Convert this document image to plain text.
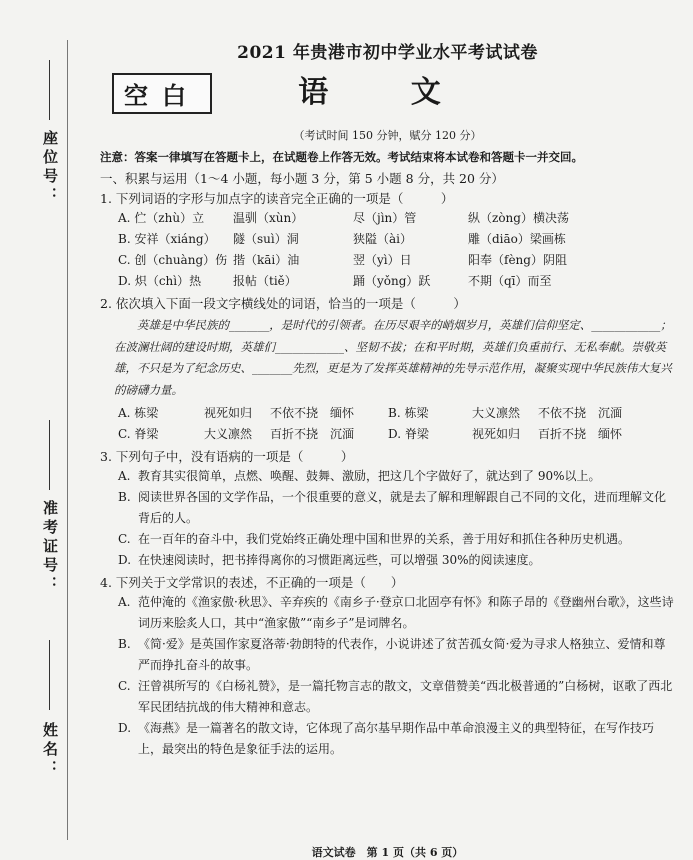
座位号：
准考证号：
姓名：
2021 年贵港市初中学业水平考试试卷
空白	语 文
（考试时间 150 分钟，赋分 120 分）
注意：答案一律填写在答题卡上，在试题卷上作答无效。考试结束将本试卷和答题卡一并交回。
一、积累与运用（1～4 小题，每小题 3 分，第 5 小题 8 分，共 20 分）
1. 下列词语的字形与加点字的读音完全正确的一项是（　　　）
A. 伫（zhù）立	温驯（xùn）	尽（jìn）管	纵（zòng）横决荡
B. 安祥（xiáng）	隧（suì）洞	狭隘（ài）	雕（diāo）梁画栋
C. 创（chuàng）伤 揩（kāi）油	翌（yì）日	阳奉（fèng）阴阻
D. 炽（chì）热	报帖（tiě）	踊（yǒng）跃	不期（qī）而至
2. 依次填入下面一段文字横线处的词语，恰当的一项是（　　　）
英雄是中华民族的_______，是时代的引领者。在历尽艰辛的峭烟岁月，英雄们信仰坚定、____________；在波澜壮阔的建设时期，英雄们____________、坚韧不拔；在和平时期，英雄们负重前行、无私奉献。崇敬英雄，不只是为了纪念历史、_______先烈，更是为了发挥英雄精神的先导示范作用，凝聚实现中华民族伟大复兴的磅礴力量。
A. 栋梁	视死如归	不依不挠 缅怀	B. 栋梁	大义凛然	不依不挠 沉湎
C. 脊梁	大义凛然	百折不挠 沉湎	D. 脊梁	视死如归	百折不挠 缅怀
3. 下列句子中，没有语病的一项是（　　　）
A. 教育其实很简单，点燃、唤醒、鼓舞、激励，把这几个字做好了，就达到了 90%以上。
B. 阅读世界各国的文学作品，一个很重要的意义，就是去了解和理解跟自己不同的文化，进而理解文化背后的人。
C. 在一百年的奋斗中，我们党始终正确处理中国和世界的关系，善于用好和抓住各种历史机遇。
D. 在快速阅读时，把书捧得离你的习惯距离远些，可以增强 30%的阅读速度。
4. 下列关于文学常识的表述，不正确的一项是（　　）
A. 范仲淹的《渔家傲·秋思》、辛弃疾的《南乡子·登京口北固亭有怀》和陈子昂的《登幽州台歌》，这些诗词历来脍炙人口，其中“渔家傲”“南乡子”是词牌名。
B. 《简·爱》是英国作家夏洛蒂·勃朗特的代表作，小说讲述了贫苦孤女简·爱为寻求人格独立、爱情和尊严而挣扎奋斗的故事。
C. 汪曾祺所写的《白杨礼赞》，是一篇托物言志的散文，文章借赞美“西北极普通的”白杨树，讴歌了西北军民团结抗战的伟大精神和意志。
D. 《海燕》是一篇著名的散文诗，它体现了高尔基早期作品中革命浪漫主义的典型特征，在写作技巧上，最突出的特色是象征手法的运用。
语文试卷　第 1 页（共 6 页）
